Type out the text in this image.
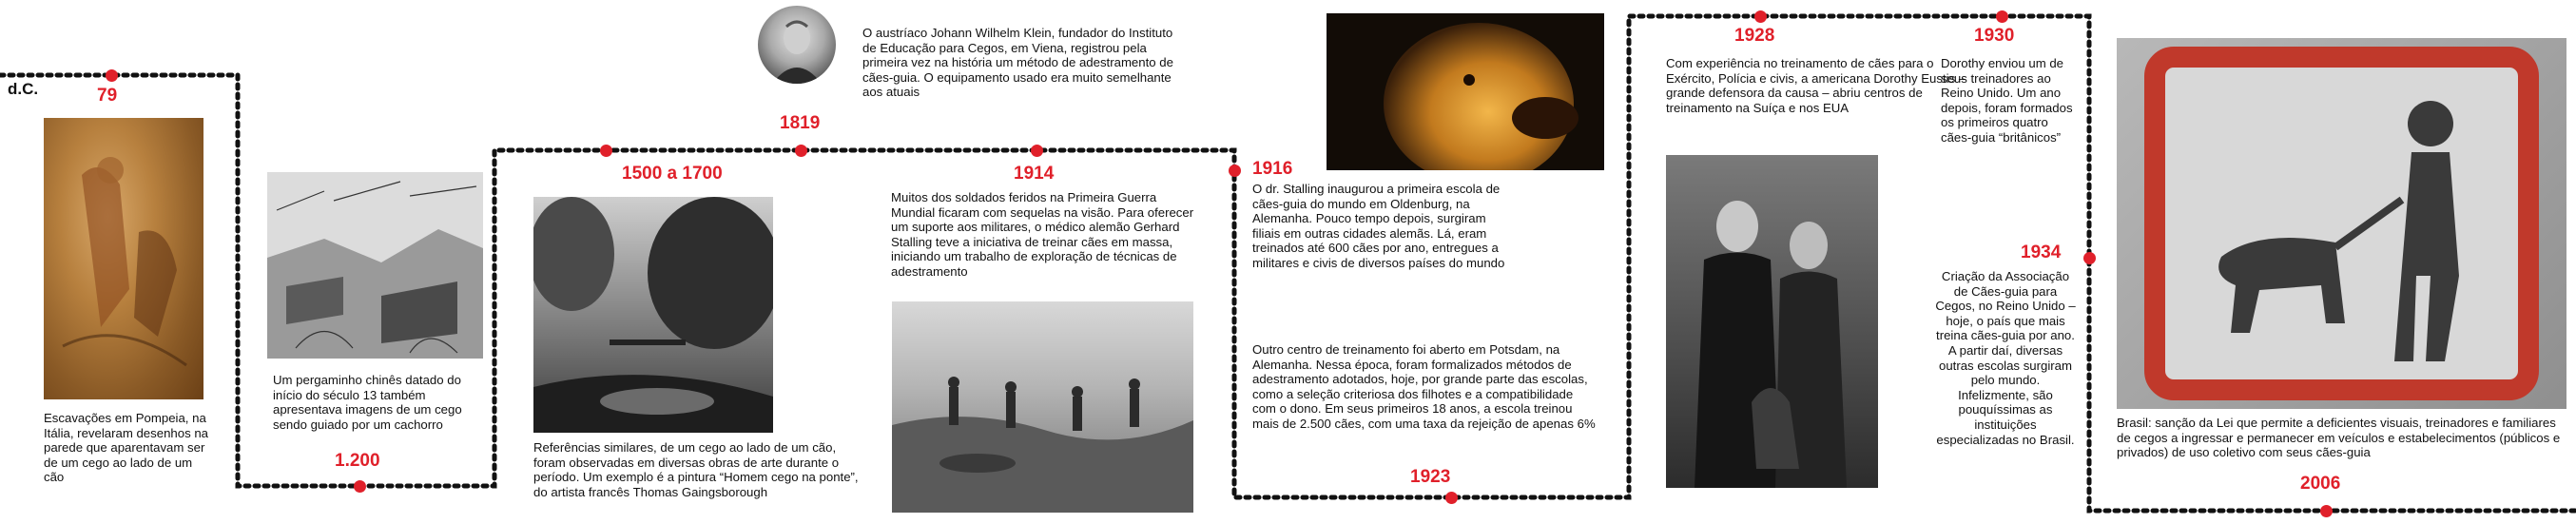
d.C.	79
Escavações em Pompeia, na Itália, revelaram desenhos na parede que aparentavam ser de um cego ao lado de um cão
Um pergaminho chinês datado do início do século 13 também apresentava imagens de um cego sendo guiado por um cachorro
1.200
1500 a 1700
Referências similares, de um cego ao lado de um cão, foram observadas em diversas obras de arte durante o período. Um exemplo é a pintura “Homem cego na ponte”, do artista francês Thomas Gaingsborough
O austríaco Johann Wilhelm Klein, fundador do Instituto de Educação para Cegos, em Viena, registrou pela primeira vez na história um método de adestramento de cães-guia. O equipamento usado era muito semelhante aos atuais
1819
1914
Muitos dos soldados feridos na Primeira Guerra Mundial ficaram com sequelas na visão. Para oferecer um suporte aos militares, o médico alemão Gerhard Stalling teve a iniciativa de treinar cães em massa, iniciando um trabalho de exploração de técnicas de adestramento
1916
O dr. Stalling inaugurou a primeira escola de cães-guia do mundo em Oldenburg, na Alemanha. Pouco tempo depois, surgiram filiais em outras cidades alemãs. Lá, eram treinados até 600 cães por ano, entregues a militares e civis de diversos países do mundo
Outro centro de treinamento foi aberto em Potsdam, na Alemanha. Nessa época, foram formalizados métodos de adestramento adotados, hoje, por grande parte das escolas, como a seleção criteriosa dos filhotes e a compatibilidade com o dono. Em seus primeiros 18 anos, a escola treinou mais de 2.500 cães, com uma taxa da rejeição de apenas 6%
1923
1928
Com experiência no treinamento de cães para o Exército, Polícia e civis, a americana Dorothy Eustis – grande defensora da causa – abriu centros de treinamento na Suíça e nos EUA
1930
Dorothy enviou um de seus treinadores ao Reino Unido. Um ano depois, foram formados os primeiros quatro cães-guia “britânicos”
1934
Criação da Associação de Cães-guia para Cegos, no Reino Unido – hoje, o país que mais treina cães-guia por ano. A partir daí, diversas outras escolas surgiram pelo mundo. Infelizmente, são pouquíssimas as instituições especializadas no Brasil.
Brasil: sanção da Lei que permite a deficientes visuais, treinadores e familiares de cegos a ingressar e permanecer em veículos e estabelecimentos (públicos e privados) de uso coletivo com seus cães-guia
2006
